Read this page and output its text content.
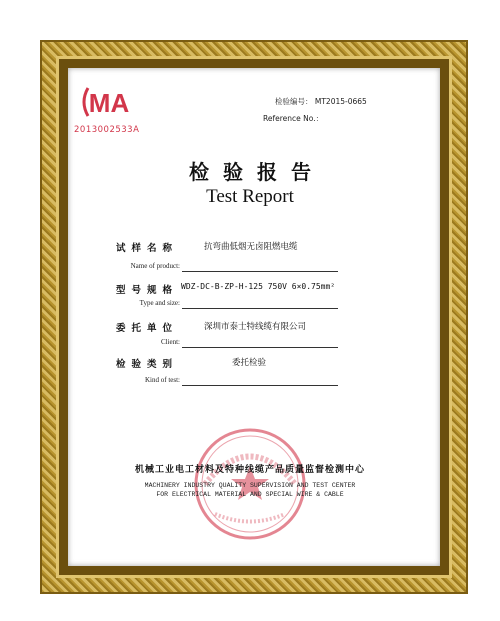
MA
2013002533A
检验编号： MT2015-0665
Reference No.：
检验报告
Test Report
试样名称	抗弯曲低烟无卤阻燃电缆
Name of product:
型号规格 WDZ-DC-B-ZP-H-125 750V 6×0.75mm²
Type and size:
委托单位	深圳市泰士特线缆有限公司
Client:
检验类别	委托检验
Kind of test:
机械工业电工材料及特种线缆产品质量监督检测中心
MACHINERY INDUSTRY QUALITY SUPERVISION AND TEST CENTER
FOR ELECTRICAL MATERIAL AND SPECIAL WIRE & CABLE
